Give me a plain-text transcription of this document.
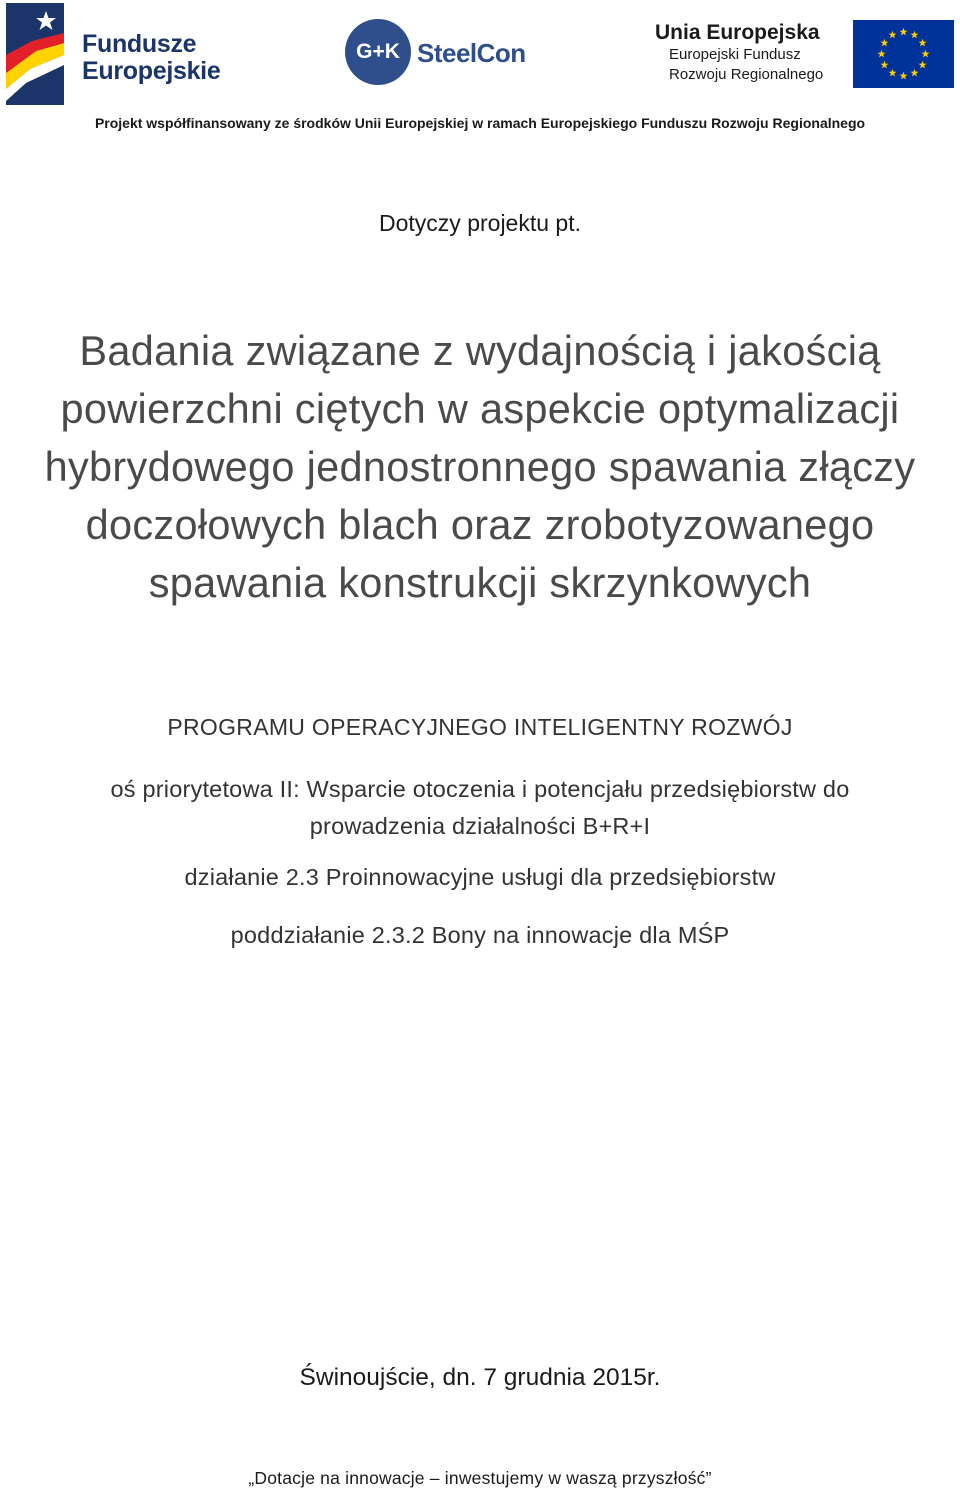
Fundusze
Europejskie
G+K SteelCon
Unia Europejska
Europejski Fundusz
Rozwoju Regionalnego
Projekt współfinansowany ze środków Unii Europejskiej w ramach Europejskiego Funduszu Rozwoju Regionalnego
Dotyczy projektu pt.
Badania związane z wydajnością i jakością
powierzchni ciętych w aspekcie optymalizacji
hybrydowego jednostronnego spawania złączy
doczołowych blach oraz zrobotyzowanego
spawania konstrukcji skrzynkowych
PROGRAMU OPERACYJNEGO INTELIGENTNY ROZWÓJ
oś priorytetowa II: Wsparcie otoczenia i potencjału przedsiębiorstw do
prowadzenia działalności B+R+I
działanie 2.3 Proinnowacyjne usługi dla przedsiębiorstw
poddziałanie 2.3.2 Bony na innowacje dla MŚP
Świnoujście, dn. 7 grudnia 2015r.
„Dotacje na innowacje – inwestujemy w waszą przyszłość”
